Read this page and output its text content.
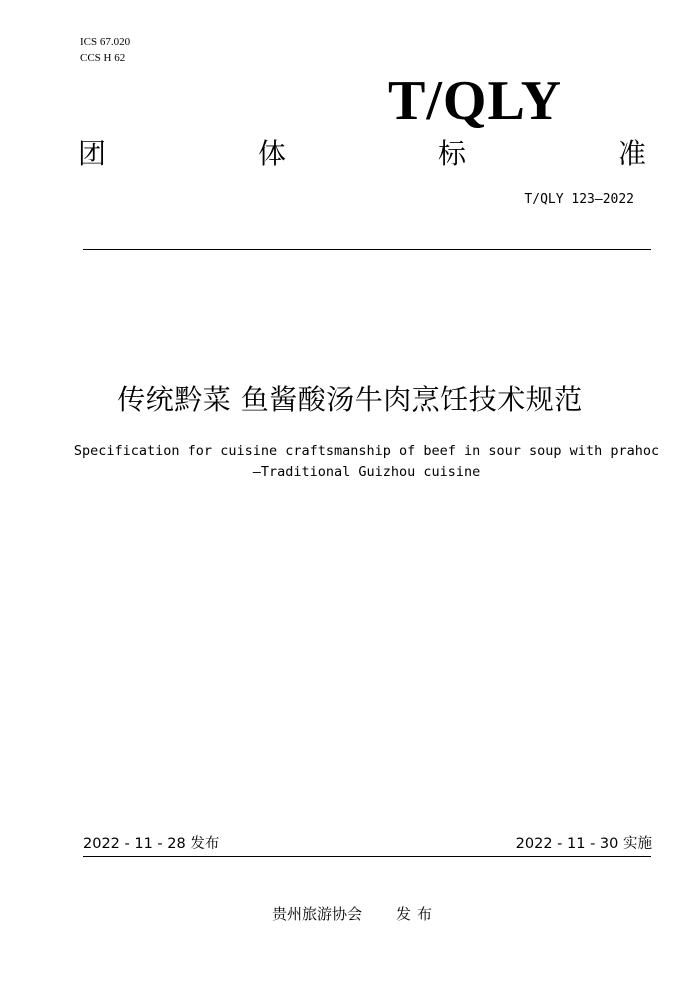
ICS 67.020
CCS H 62
T/QLY
团	体	标	准
T/QLY 123—2022
传统黔菜 鱼酱酸汤牛肉烹饪技术规范
Specification for cuisine craftsmanship of beef in sour soup with prahoc
—Traditional Guizhou cuisine
2022 - 11 - 28 发布	2022 - 11 - 30 实施
贵州旅游协会 发布
